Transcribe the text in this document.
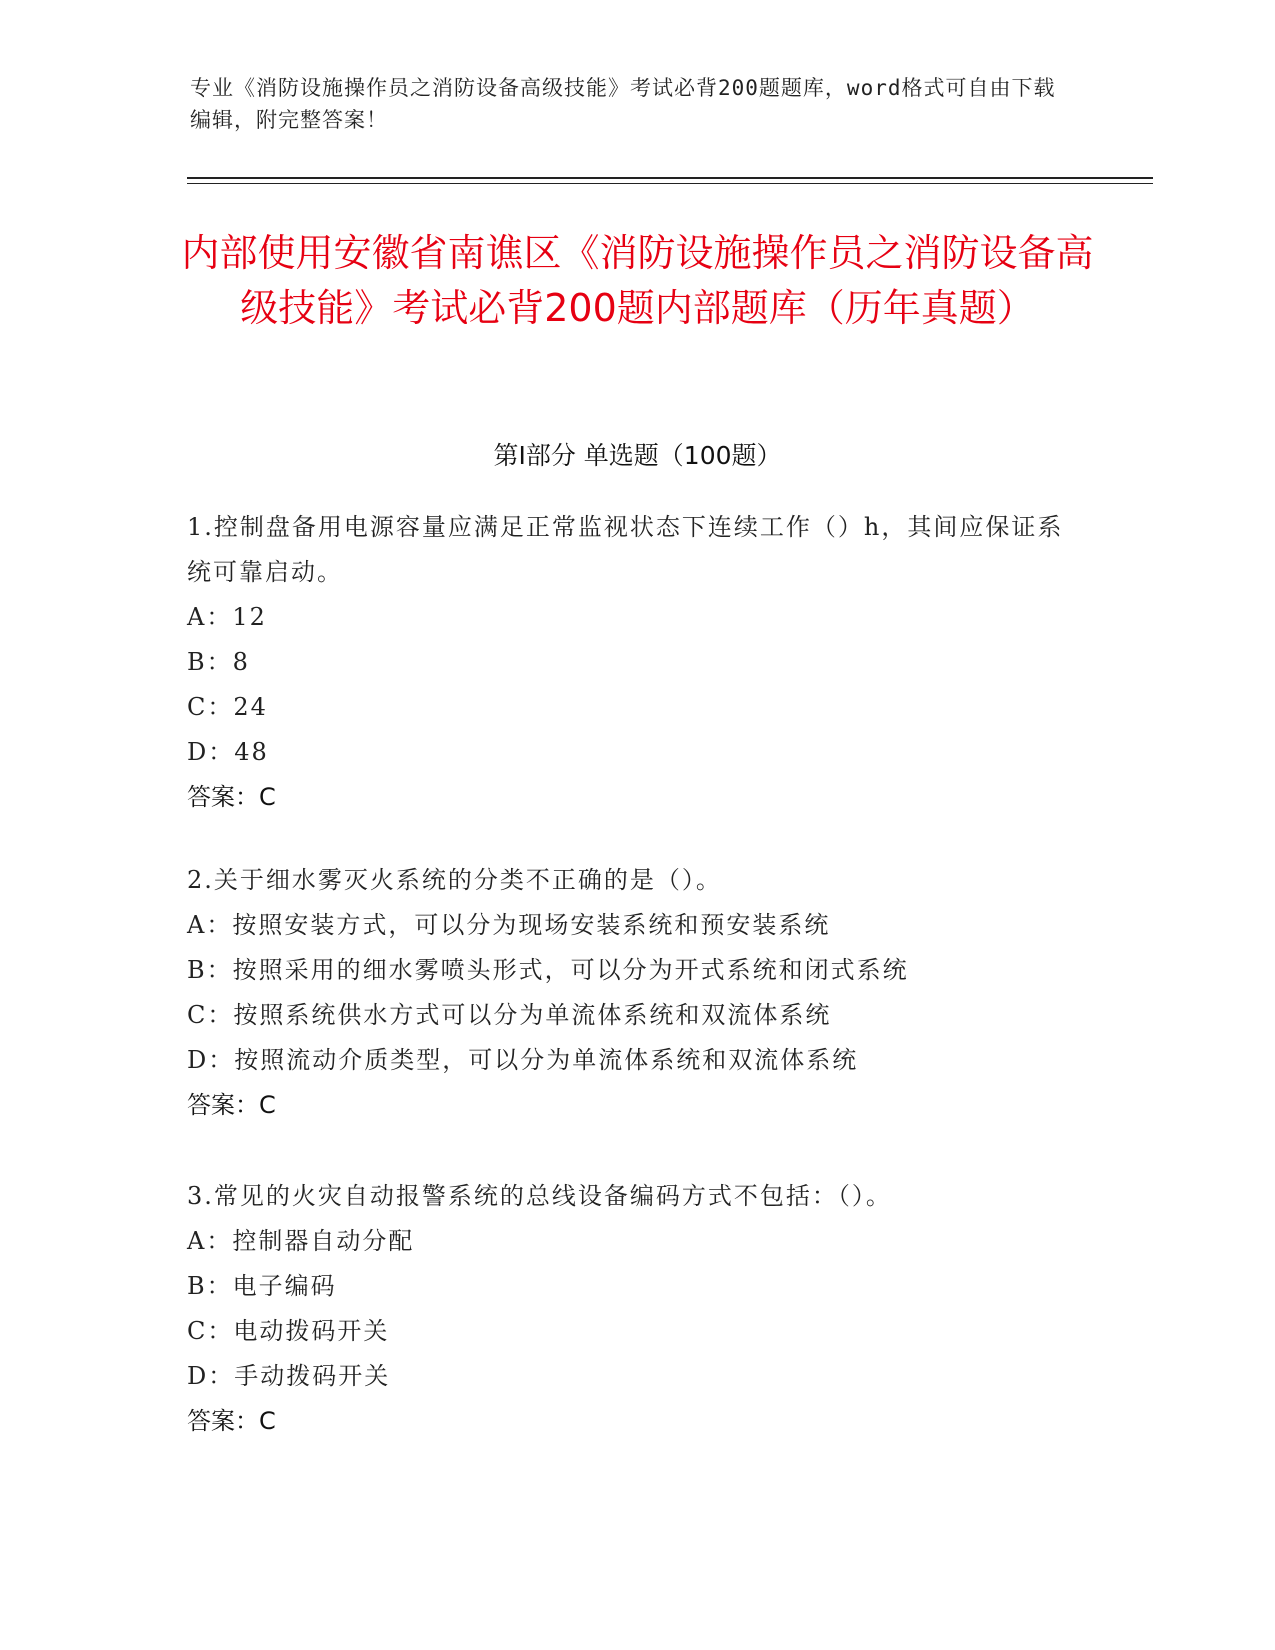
专业《消防设施操作员之消防设备高级技能》考试必背200题题库，word格式可自由下载编辑，附完整答案！
内部使用安徽省南谯区《消防设施操作员之消防设备高级技能》考试必背200题内部题库（历年真题）
第I部分 单选题（100题）
1.控制盘备用电源容量应满足正常监视状态下连续工作（）h，其间应保证系统可靠启动。
A：12
B：8
C：24
D：48
答案：C
2.关于细水雾灭火系统的分类不正确的是（）。
A：按照安装方式，可以分为现场安装系统和预安装系统
B：按照采用的细水雾喷头形式，可以分为开式系统和闭式系统
C：按照系统供水方式可以分为单流体系统和双流体系统
D：按照流动介质类型，可以分为单流体系统和双流体系统
答案：C
3.常见的火灾自动报警系统的总线设备编码方式不包括：（）。
A：控制器自动分配
B：电子编码
C：电动拨码开关
D：手动拨码开关
答案：C
